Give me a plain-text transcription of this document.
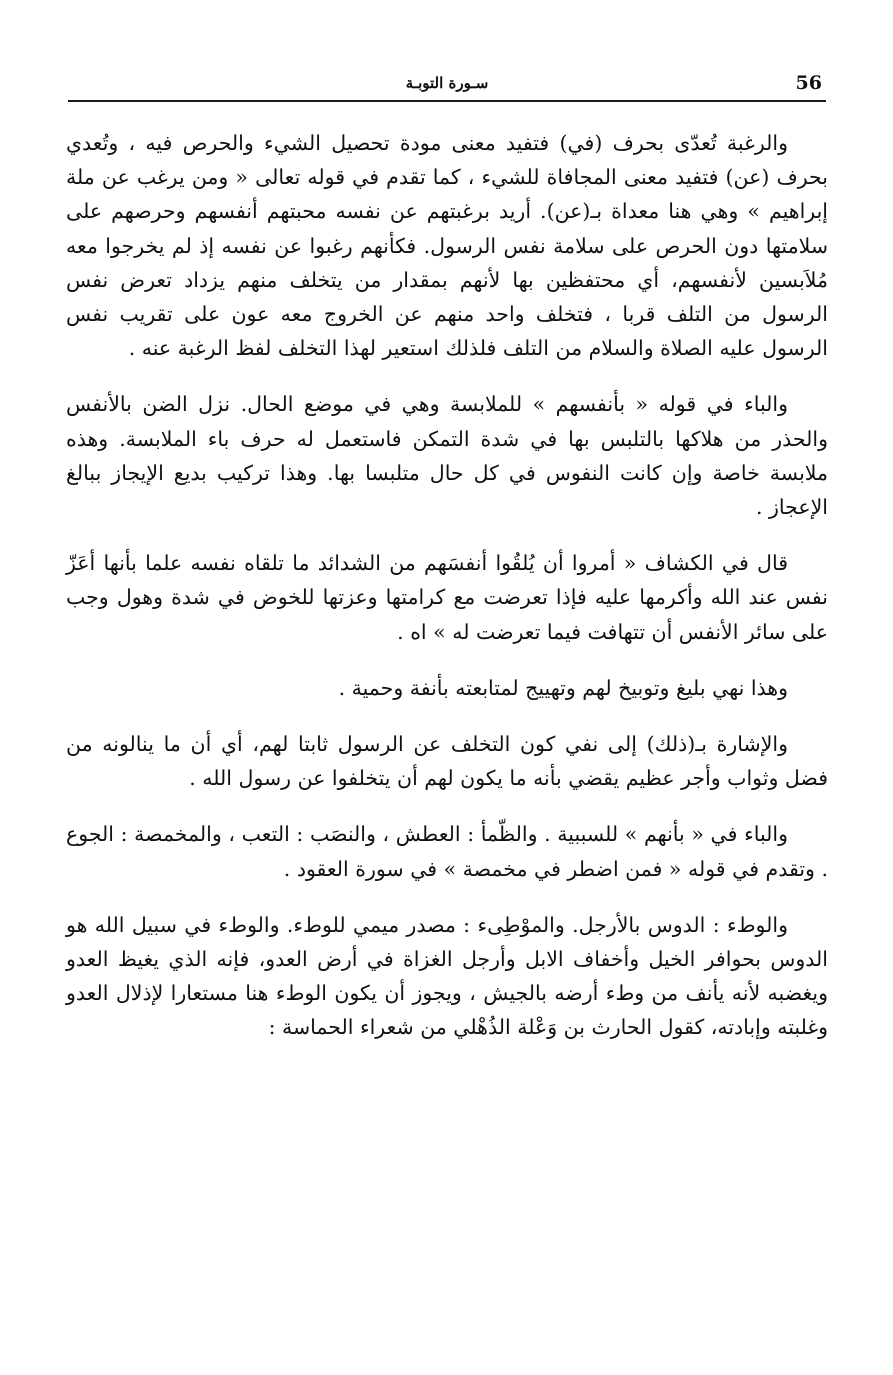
56
سـورة التوبـة

والرغبة تُعدّى بحرف (في) فتفيد معنى مودة تحصيل الشيء والحرص فيه ، وتُعدي بحرف (عن) فتفيد معنى المجافاة للشيء ، كما تقدم في قوله تعالى « ومن يرغب عن ملة إبراهيم » وهي هنا معداة بـ(عن). أريد برغبتهم عن نفسه محبتهم أنفسهم وحرصهم على سلامتها دون الحرص على سلامة نفس الرسول. فكأنهم رغبوا عن نفسه إذ لم يخرجوا معه مُلاَبسين لأنفسهم، أي محتفظين بها لأنهم بمقدار من يتخلف منهم يزداد تعرض نفس الرسول من التلف قربا ، فتخلف واحد منهم عن الخروج معه عون على تقريب نفس الرسول عليه الصلاة والسلام من التلف فلذلك استعير لهذا التخلف لفظ الرغبة عنه .

والباء في قوله « بأنفسهم » للملابسة وهي في موضع الحال. نزل الضن بالأنفس والحذر من هلاكها بالتلبس بها في شدة التمكن فاستعمل له حرف باء الملابسة. وهذه ملابسة خاصة وإن كانت النفوس في كل حال متلبسا بها. وهذا تركيب بديع الإيجاز ببالغ الإعجاز .

قال في الكشاف « أمروا أن يُلقُوا أنفسَهم من الشدائد ما تلقاه نفسه علما بأنها أعَزّ نفس عند الله وأكرمها عليه فإذا تعرضت مع كرامتها وعزتها للخوض في شدة وهول وجب على سائر الأنفس أن تتهافت فيما تعرضت له » اه .

وهذا نهي بليغ وتوبيخ لهم وتهييج لمتابعته بأنفة وحمية .

والإشارة بـ(ذلك) إلى نفي كون التخلف عن الرسول ثابتا لهم، أي أن ما ينالونه من فضل وثواب وأجر عظيم يقضي بأنه ما يكون لهم أن يتخلفوا عن رسول الله .

والباء في « بأنهم » للسببية . والظّمأ : العطش ، والنصَب : التعب ، والمخمصة : الجوع . وتقدم في قوله « فمن اضطر في مخمصة » في سورة العقود .

والوطء : الدوس بالأرجل. والموْطِىء : مصدر ميمي للوطء. والوطء في سبيل الله هو الدوس بحوافر الخيل وأخفاف الابل وأرجل الغزاة في أرض العدو، فإنه الذي يغيظ العدو ويغضبه لأنه يأنف من وطء أرضه بالجيش ، ويجوز أن يكون الوطء هنا مستعارا لإذلال العدو وغلبته وإبادته، كقول الحارث بن وَعْلة الذُهْلي من شعراء الحماسة :
